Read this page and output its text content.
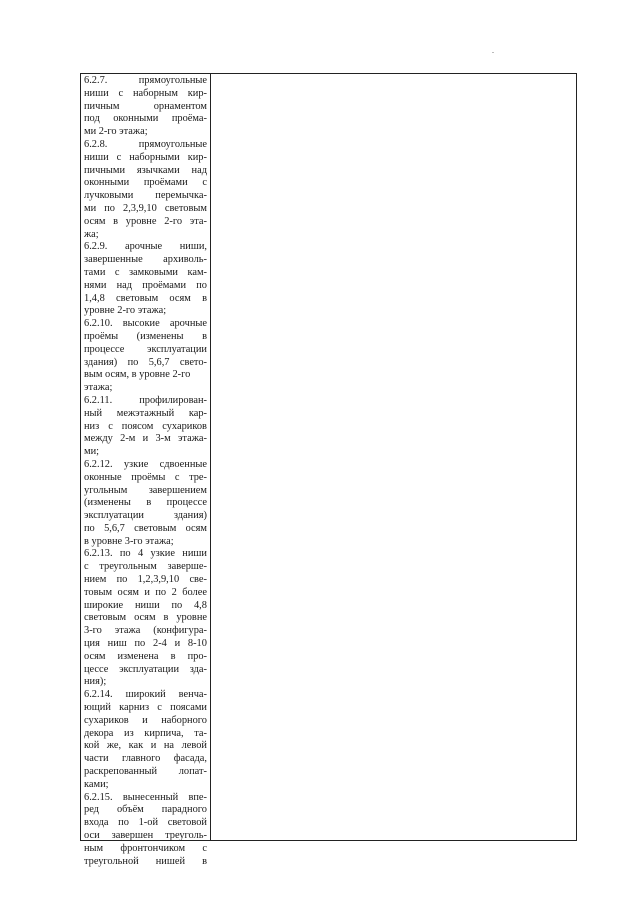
6.2.7.	прямоугольные
ниши с наборным кир-
пичным	орнаментом
под оконными проёма-
ми 2-го этажа;
6.2.8.	прямоугольные
ниши с наборными кир-
пичными язычками над
оконными проёмами с
лучковыми перемычка-
ми по 2,3,9,10 световым
осям в уровне 2-го эта-
жа;
6.2.9. арочные ниши,
завершенные архиволь-
тами с замковыми кам-
нями над проёмами по
1,4,8 световым осям в
уровне 2-го этажа;
6.2.10. высокие арочные
проёмы (изменены в
процессе эксплуатации
здания) по 5,6,7 свето-
вым осям, в уровне 2-го
этажа;
6.2.11.	профилирован-
ный межэтажный кар-
низ с поясом сухариков
между 2-м и 3-м этажа-
ми;
6.2.12. узкие сдвоенные
оконные проёмы с тре-
угольным завершением
(изменены в процессе
эксплуатации	здания)
по 5,6,7 световым осям
в уровне 3-го этажа;
6.2.13. по 4 узкие ниши
с треугольным заверше-
нием по 1,2,3,9,10 све-
товым осям и по 2 более
широкие ниши по 4,8
световым осям в уровне
3-го этажа (конфигура-
ция ниш по 2-4 и 8-10
осям изменена в про-
цессе эксплуатации зда-
ния);
6.2.14. широкий венча-
ющий карниз с поясами
сухариков и наборного
декора из кирпича, та-
кой же, как и на левой
части главного фасада,
раскрепованный лопат-
ками;
6.2.15. вынесенный впе-
ред объём парадного
входа по 1-ой световой
оси завершен треуголь-
ным фронтончиком с
треугольной нишей в
